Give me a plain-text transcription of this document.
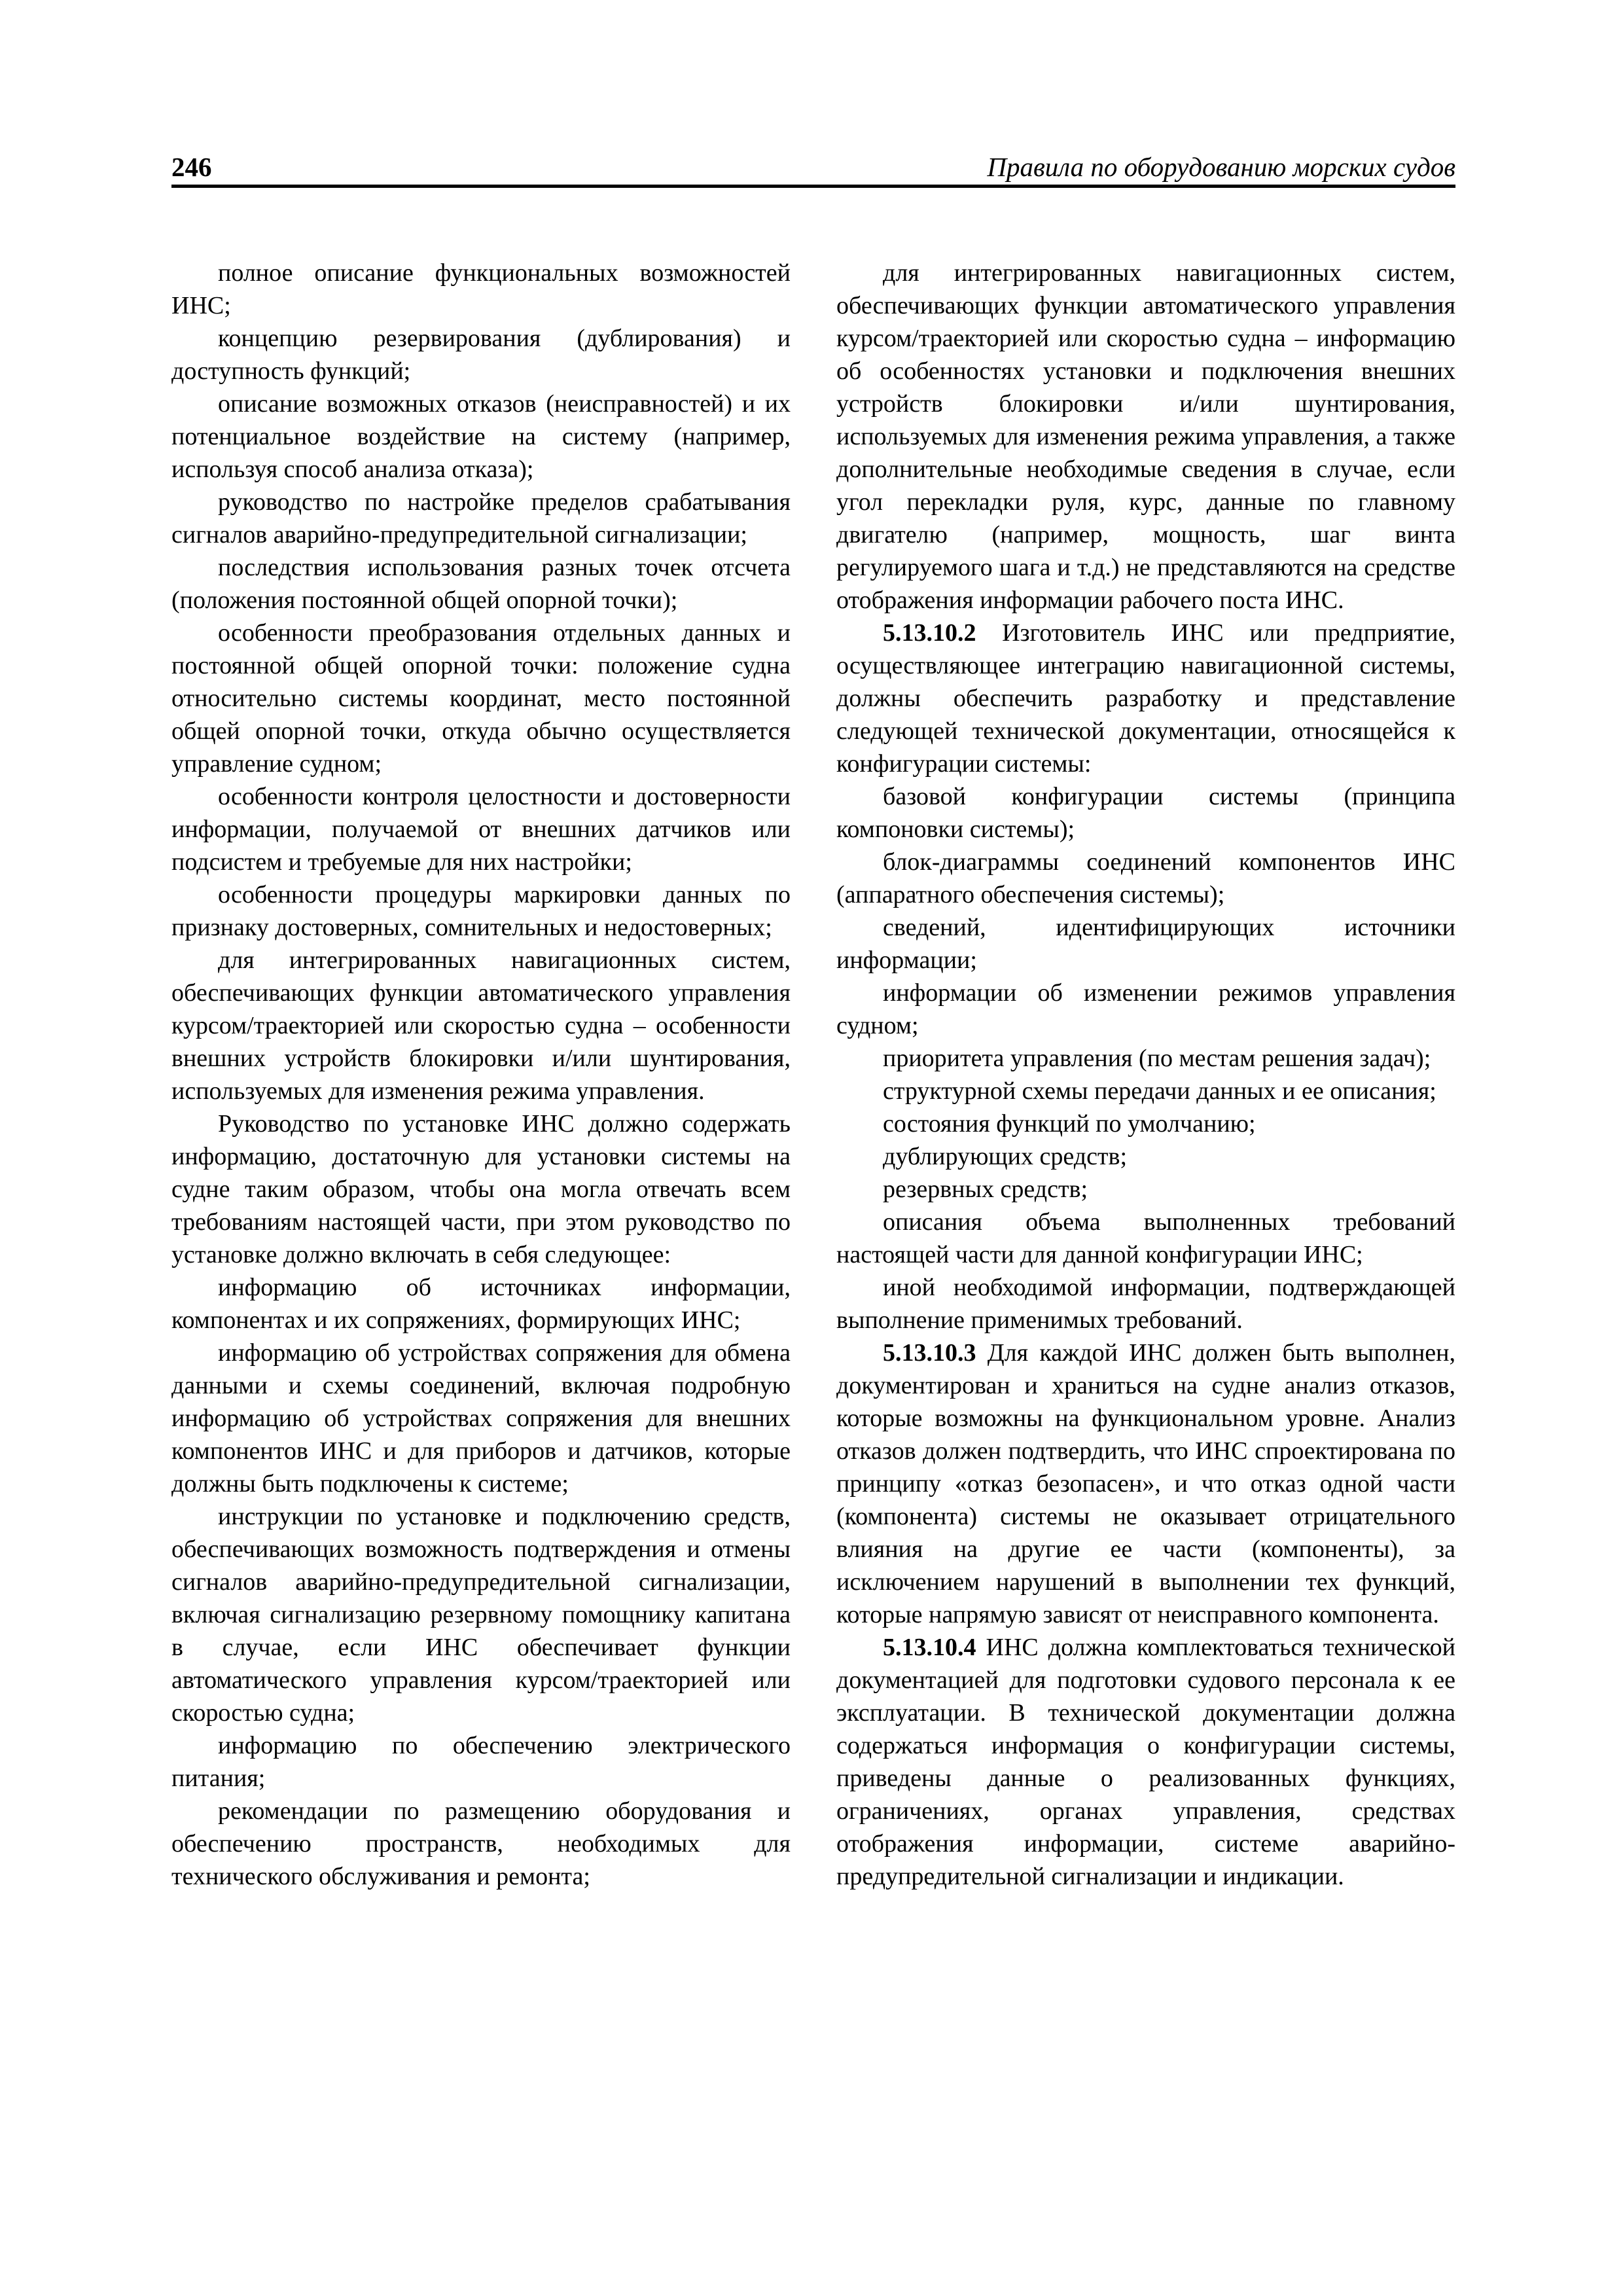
246	Правила по оборудованию морских судов

полное описание функциональных возможностей ИНС;

концепцию резервирования (дублирования) и доступность функций;

описание возможных отказов (неисправностей) и их потенциальное воздействие на систему (например, используя способ анализа отказа);

руководство по настройке пределов срабатывания сигналов аварийно-предупредительной сигнализации;

последствия использования разных точек отсчета (положения постоянной общей опорной точки);

особенности преобразования отдельных данных и постоянной общей опорной точки: положение судна относительно системы координат, место постоянной общей опорной точки, откуда обычно осуществляется управление судном;

особенности контроля целостности и достоверности информации, получаемой от внешних датчиков или подсистем и требуемые для них настройки;

особенности процедуры маркировки данных по признаку достоверных, сомнительных и недостоверных;

для интегрированных навигационных систем, обеспечивающих функции автоматического управления курсом/траекторией или скоростью судна – особенности внешних устройств блокировки и/или шунтирования, используемых для изменения режима управления.

Руководство по установке ИНС должно содержать информацию, достаточную для установки системы на судне таким образом, чтобы она могла отвечать всем требованиям настоящей части, при этом руководство по установке должно включать в себя следующее:

информацию об источниках информации, компонентах и их сопряжениях, формирующих ИНС;

информацию об устройствах сопряжения для обмена данными и схемы соединений, включая подробную информацию об устройствах сопряжения для внешних компонентов ИНС и для приборов и датчиков, которые должны быть подключены к системе;

инструкции по установке и подключению средств, обеспечивающих возможность подтверждения и отмены сигналов аварийно-предупредительной сигнализации, включая сигнализацию резервному помощнику капитана в случае, если ИНС обеспечивает функции автоматического управления курсом/траекторией или скоростью судна;

информацию по обеспечению электрического питания;

рекомендации по размещению оборудования и обеспечению пространств, необходимых для технического обслуживания и ремонта;

для интегрированных навигационных систем, обеспечивающих функции автоматического управления курсом/траекторией или скоростью судна – информацию об особенностях установки и подключения внешних устройств блокировки и/или шунтирования, используемых для изменения режима управления, а также дополнительные необходимые сведения в случае, если угол перекладки руля, курс, данные по главному двигателю (например, мощность, шаг винта регулируемого шага и т.д.) не представляются на средстве отображения информации рабочего поста ИНС.

5.13.10.2 Изготовитель ИНС или предприятие, осуществляющее интеграцию навигационной системы, должны обеспечить разработку и представление следующей технической документации, относящейся к конфигурации системы:

базовой конфигурации системы (принципа компоновки системы);

блок-диаграммы соединений компонентов ИНС (аппаратного обеспечения системы);

сведений, идентифицирующих источники информации;

информации об изменении режимов управления судном;

приоритета управления (по местам решения задач);

структурной схемы передачи данных и ее описания;

состояния функций по умолчанию;

дублирующих средств;

резервных средств;

описания объема выполненных требований настоящей части для данной конфигурации ИНС;

иной необходимой информации, подтверждающей выполнение применимых требований.

5.13.10.3 Для каждой ИНС должен быть выполнен, документирован и храниться на судне анализ отказов, которые возможны на функциональном уровне. Анализ отказов должен подтвердить, что ИНС спроектирована по принципу «отказ безопасен», и что отказ одной части (компонента) системы не оказывает отрицательного влияния на другие ее части (компоненты), за исключением нарушений в выполнении тех функций, которые напрямую зависят от неисправного компонента.

5.13.10.4 ИНС должна комплектоваться технической документацией для подготовки судового персонала к ее эксплуатации. В технической документации должна содержаться информация о конфигурации системы, приведены данные о реализованных функциях, ограничениях, органах управления, средствах отображения информации, системе аварийно-предупредительной сигнализации и индикации.
